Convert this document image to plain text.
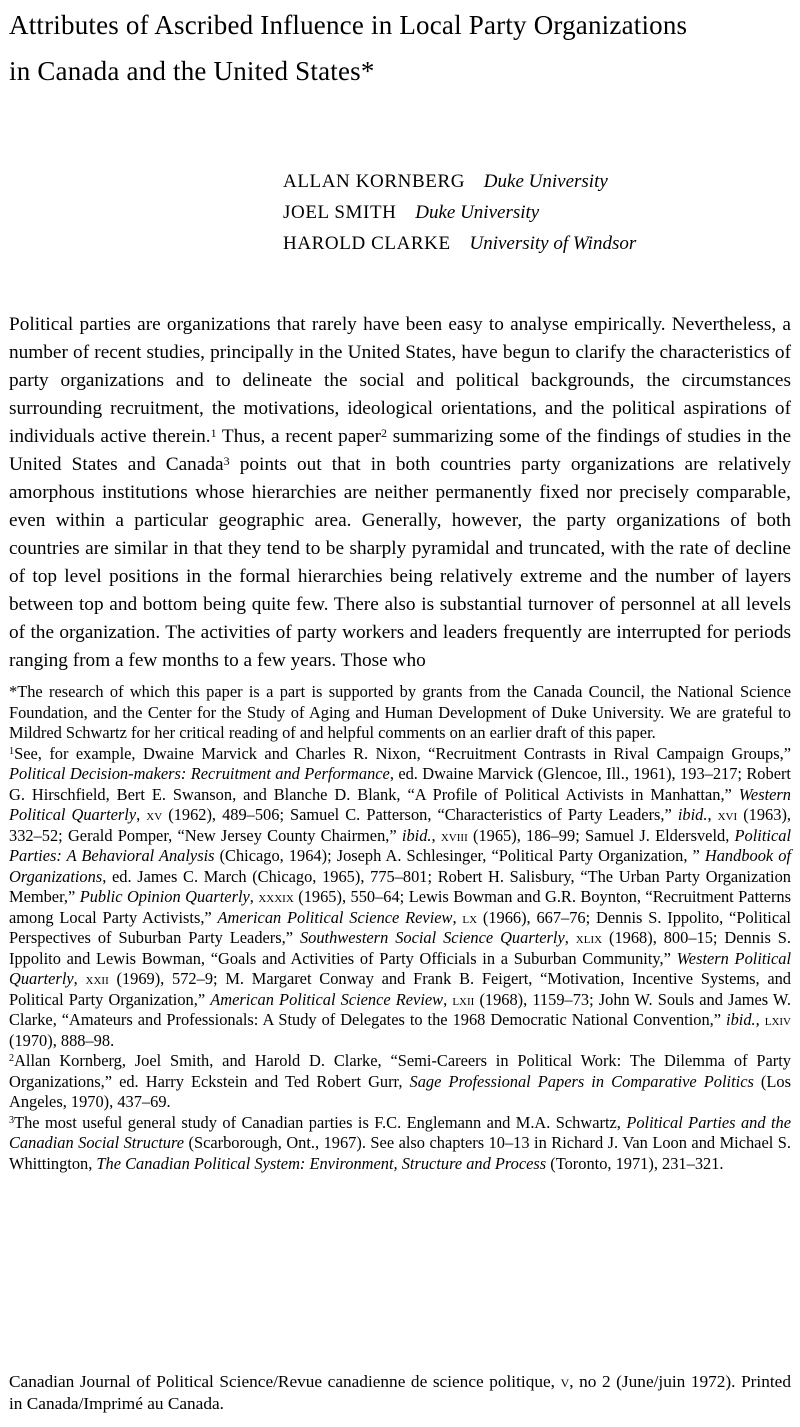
Attributes of Ascribed Influence in Local Party Organizations
in Canada and the United States*
ALLAN KORNBERG Duke University
JOEL SMITH Duke University
HAROLD CLARKE University of Windsor

Political parties are organizations that rarely have been easy to analyse empirically. Nevertheless, a number of recent studies, principally in the United States, have begun to clarify the characteristics of party organizations and to delineate the social and political backgrounds, the circumstances surrounding recruitment, the motivations, ideological orientations, and the political aspirations of individuals active therein.$^1$ Thus, a recent paper$^2$ summarizing some of the findings of studies in the United States and Canada$^3$ points out that in both countries party organizations are relatively amorphous institutions whose hierarchies are neither permanently fixed nor precisely comparable, even within a particular geographic area. Generally, however, the party organizations of both countries are similar in that they tend to be sharply pyramidal and truncated, with the rate of decline of top level positions in the formal hierarchies being relatively extreme and the number of layers between top and bottom being quite few. There also is substantial turnover of personnel at all levels of the organization. The activities of party workers and leaders frequently are interrupted for periods ranging from a few months to a few years. Those who

*The research of which this paper is a part is supported by grants from the Canada Council, the National Science Foundation, and the Center for the Study of Aging and Human Development of Duke University. We are grateful to Mildred Schwartz for her critical reading of and helpful comments on an earlier draft of this paper.

$^1$See, for example, Dwaine Marvick and Charles R. Nixon, “Recruitment Contrasts in Rival Campaign Groups,” Political Decision-makers: Recruitment and Performance, ed. Dwaine Marvick (Glencoe, Ill., 1961), 193–217; Robert G. Hirschfield, Bert E. Swanson, and Blanche D. Blank, “A Profile of Political Activists in Manhattan,” Western Political Quarterly, xv (1962), 489–506; Samuel C. Patterson, “Characteristics of Party Leaders,” ibid., xvi (1963), 332–52; Gerald Pomper, “New Jersey County Chairmen,” ibid., xviii (1965), 186–99; Samuel J. Eldersveld, Political Parties: A Behavioral Analysis (Chicago, 1964); Joseph A. Schlesinger, “Political Party Organization, ” Handbook of Organizations, ed. James C. March (Chicago, 1965), 775–801; Robert H. Salisbury, “The Urban Party Organization Member,” Public Opinion Quarterly, xxxix (1965), 550–64; Lewis Bowman and G.R. Boynton, “Recruitment Patterns among Local Party Activists,” American Political Science Review, lx (1966), 667–76; Dennis S. Ippolito, “Political Perspectives of Suburban Party Leaders,” Southwestern Social Science Quarterly, xlix (1968), 800–15; Dennis S. Ippolito and Lewis Bowman, “Goals and Activities of Party Officials in a Suburban Community,” Western Political Quarterly, xxii (1969), 572–9; M. Margaret Conway and Frank B. Feigert, “Motivation, Incentive Systems, and Political Party Organization,” American Political Science Review, lxii (1968), 1159–73; John W. Souls and James W. Clarke, “Amateurs and Professionals: A Study of Delegates to the 1968 Democratic National Convention,” ibid., lxiv (1970), 888–98.

$^2$Allan Kornberg, Joel Smith, and Harold D. Clarke, “Semi-Careers in Political Work: The Dilemma of Party Organizations,” ed. Harry Eckstein and Ted Robert Gurr, Sage Professional Papers in Comparative Politics (Los Angeles, 1970), 437–69.

$^3$The most useful general study of Canadian parties is F.C. Englemann and M.A. Schwartz, Political Parties and the Canadian Social Structure (Scarborough, Ont., 1967). See also chapters 10–13 in Richard J. Van Loon and Michael S. Whittington, The Canadian Political System: Environment, Structure and Process (Toronto, 1971), 231–321.

Canadian Journal of Political Science/Revue canadienne de science politique, v, no 2 (June/juin 1972). Printed in Canada/Imprimé au Canada.
